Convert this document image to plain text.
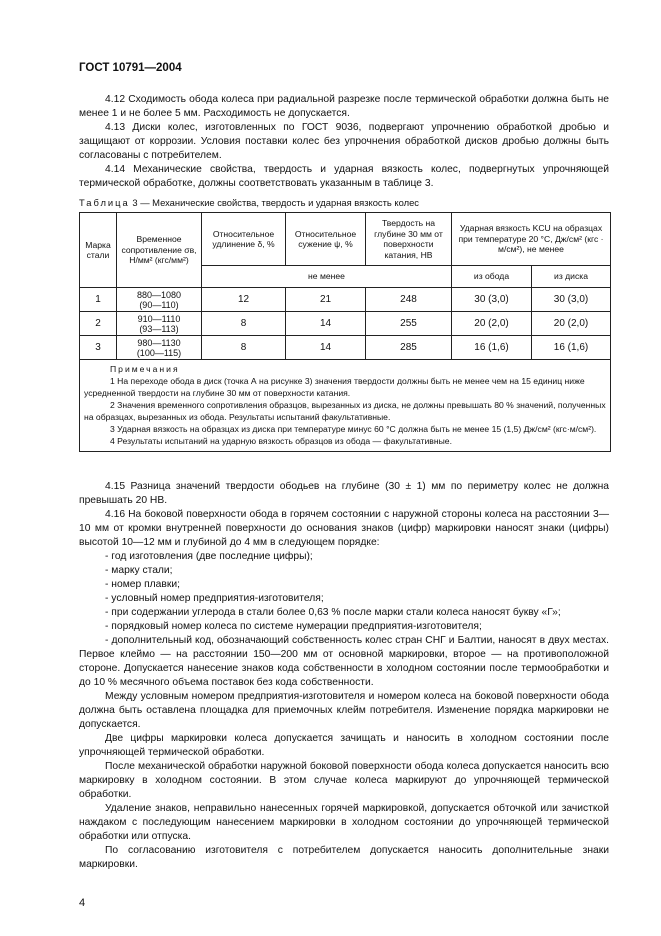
ГОСТ 10791—2004

4.12 Сходимость обода колеса при радиальной разрезке после термической обработки должна быть не менее 1 и не более 5 мм. Расходимость не допускается.

4.13 Диски колес, изготовленных по ГОСТ 9036, подвергают упрочнению обработкой дробью и защищают от коррозии. Условия поставки колес без упрочнения обработкой дисков дробью должны быть согласованы с потребителем.

4.14 Механические свойства, твердость и ударная вязкость колес, подвергнутых упрочняющей термической обработке, должны соответствовать указанным в таблице 3.

Таблица 3 — Механические свойства, твердость и ударная вязкость колес
Марка стали	Временное сопротивление σв, Н/мм² (кгс/мм²)	Относительное удлинение δ, %	Относительное сужение ψ, %	Твердость на глубине 30 мм от поверхности катания, НВ	Ударная вязкость KCU на образцах при температуре 20 °C, Дж/см² (кгс · м/см²), не менее	
		не менее			из обода	из диска
1	880—1080
(90—110)	12	21	248	30 (3,0)	30 (3,0)
2	910—1110
(93—113)	8	14	255	20 (2,0)	20 (2,0)
3	980—1130
(100—115)	8	14	285	16 (1,6)	16 (1,6)

Примечания
1 На переходе обода в диск (точка А на рисунке 3) значения твердости должны быть не менее чем на 15 единиц ниже усредненной твердости на глубине 30 мм от поверхности катания.
2 Значения временного сопротивления образцов, вырезанных из диска, не должны превышать 80 % значений, полученных на образцах, вырезанных из обода. Результаты испытаний факультативные.
3 Ударная вязкость на образцах из диска при температуре минус 60 °C должна быть не менее 15 (1,5) Дж/см² (кгс·м/см²).
4 Результаты испытаний на ударную вязкость образцов из обода — факультативные.						

4.15 Разница значений твердости ободьев на глубине (30 ± 1) мм по периметру колес не должна превышать 20 НВ.

4.16 На боковой поверхности обода в горячем состоянии с наружной стороны колеса на расстоянии 3—10 мм от кромки внутренней поверхности до основания знаков (цифр) маркировки наносят знаки (цифры) высотой 10—12 мм и глубиной до 4 мм в следующем порядке:

- год изготовления (две последние цифры);
- марку стали;
- номер плавки;
- условный номер предприятия-изготовителя;
- при содержании углерода в стали более 0,63 % после марки стали колеса наносят букву «Г»;
- порядковый номер колеса по системе нумерации предприятия-изготовителя;
- дополнительный код, обозначающий собственность колес стран СНГ и Балтии, наносят в двух местах. Первое клеймо — на расстоянии 150—200 мм от основной маркировки, второе — на противоположной стороне. Допускается нанесение знаков кода собственности в холодном состоянии после термообработки и до 10 % месячного объема поставок без кода собственности.

Между условным номером предприятия-изготовителя и номером колеса на боковой поверхности обода должна быть оставлена площадка для приемочных клейм потребителя. Изменение порядка маркировки не допускается.

Две цифры маркировки колеса допускается зачищать и наносить в холодном состоянии после упрочняющей термической обработки.

После механической обработки наружной боковой поверхности обода колеса допускается наносить всю маркировку в холодном состоянии. В этом случае колеса маркируют до упрочняющей термической обработки.

Удаление знаков, неправильно нанесенных горячей маркировкой, допускается обточкой или зачисткой наждаком с последующим нанесением маркировки в холодном состоянии до упрочняющей термической обработки или отпуска.

По согласованию изготовителя с потребителем допускается наносить дополнительные знаки маркировки.

4
